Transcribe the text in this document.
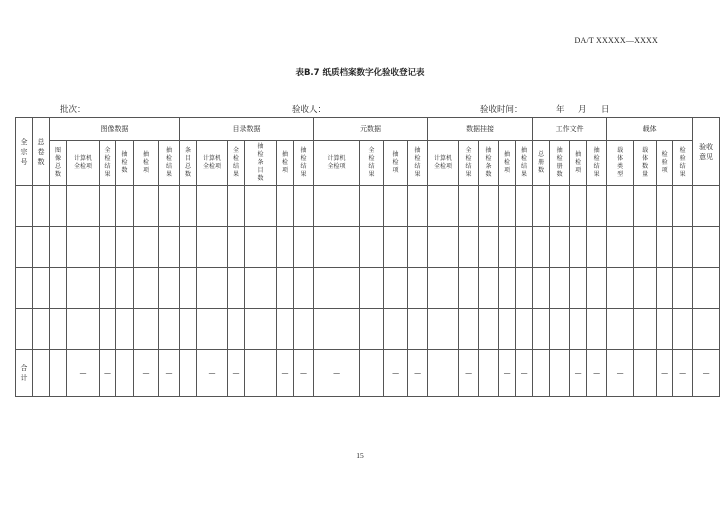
DA/T XXXXX—XXXX
表B.7 纸质档案数字化验收登记表
批次：	验收人：	验收时间：	年 月 日
全宗号	总卷数	图像数据						目录数据						元数据				数据挂接					工作文件				载体				验收意见
		图像总数	计算机全检项	全检结果	抽检数	抽检项	抽检结果	条目总数	计算机全检项	全检结果	抽检条目数	抽检项	抽检结果	计算机全检项	全检结果	抽检项	抽检结果	计算机全检项	全检结果	抽检条数	抽检项	抽检结果	总册数	抽检册数	抽检项	抽检结果	载体类型	载体数量	检验项	检验结果	

合计			—	—		—	—		—	—		—	—	—		—	—		—		—	—			—	—	—		—	—	—
15
